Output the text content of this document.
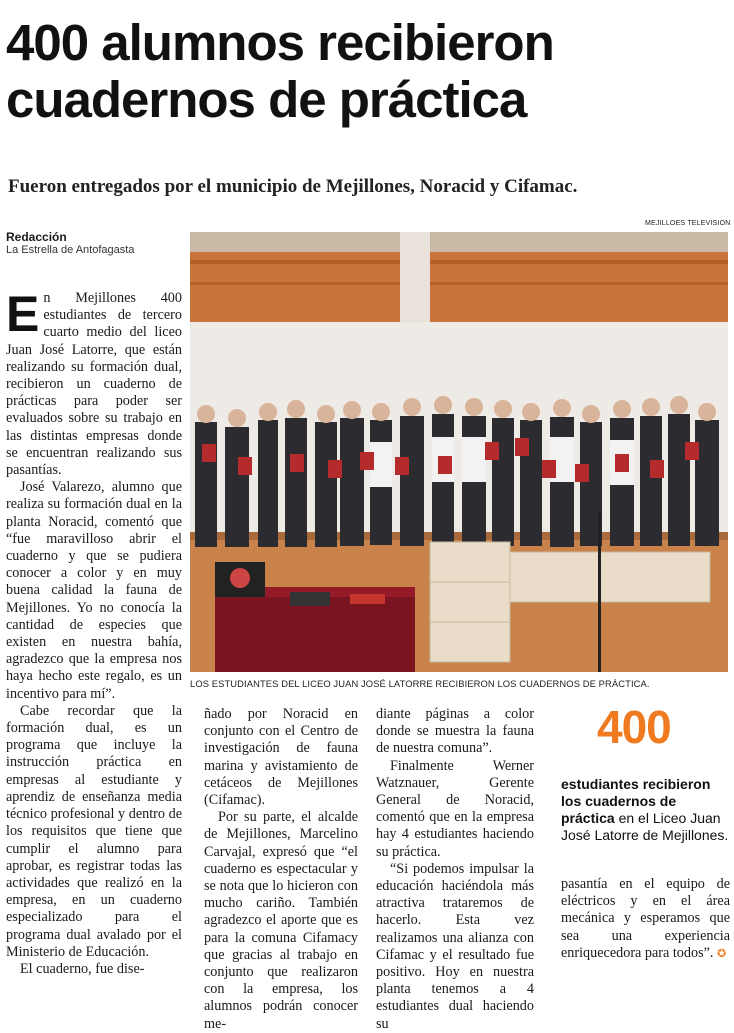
400 alumnos recibieron
cuadernos de práctica
Fueron entregados por el municipio de Mejillones, Noracid y Cifamac.
Redacción
La Estrella de Antofagasta
MEJILLOES TELEVISION
LOS ESTUDIANTES DEL LICEO JUAN JOSÉ LATORRE RECIBIERON LOS CUADERNOS DE PRÁCTICA.

En Mejillones 400 estudiantes de tercero cuarto medio del liceo Juan José Latorre, que están realizando su formación dual, recibieron un cuaderno de prácticas para poder ser evaluados sobre su trabajo en las distintas empresas donde se encuentran realizando sus pasantías.

José Valarezo, alumno que realiza su formación dual en la planta Noracid, comentó que “fue maravilloso abrir el cuaderno y que se pudiera conocer a color y en muy buena calidad la fauna de Mejillones. Yo no conocía la cantidad de especies que existen en nuestra bahía, agradezco que la empresa nos haya hecho este regalo, es un incentivo para mí”.

Cabe recordar que la formación dual, es un programa que incluye la instrucción práctica en empresas al estudiante y aprendiz de enseñanza media técnico profesional y dentro de los requisitos que tiene que cumplir el alumno para aprobar, es registrar todas las actividades que realizó en la empresa, en un cuaderno especializado para el programa dual avalado por el Ministerio de Educación.

El cuaderno, fue dise-

ñado por Noracid en conjunto con el Centro de investigación de fauna marina y avistamiento de cetáceos de Mejillones (Cifamac).

Por su parte, el alcalde de Mejillones, Marcelino Carvajal, expresó que “el cuaderno es espectacular y se nota que lo hicieron con mucho cariño. También agradezco el aporte que es para la comuna Cifamacy que gracias al trabajo en conjunto que realizaron con la empresa, los alumnos podrán conocer me-

diante páginas a color donde se muestra la fauna de nuestra comuna”.

Finalmente Werner Watznauer, Gerente General de Noracid, comentó que en la empresa hay 4 estudiantes haciendo su práctica.

“Si podemos impulsar la educación haciéndola más atractiva trataremos de hacerlo. Esta vez realizamos una alianza con Cifamac y el resultado fue positivo. Hoy en nuestra planta tenemos a 4 estudiantes dual haciendo su

400
estudiantes recibieron los cuadernos de práctica en el Liceo Juan José Latorre de Mejillones.

pasantía en el equipo de eléctricos y en el área mecánica y esperamos que sea una experiencia enriquecedora para todos”. ✪
